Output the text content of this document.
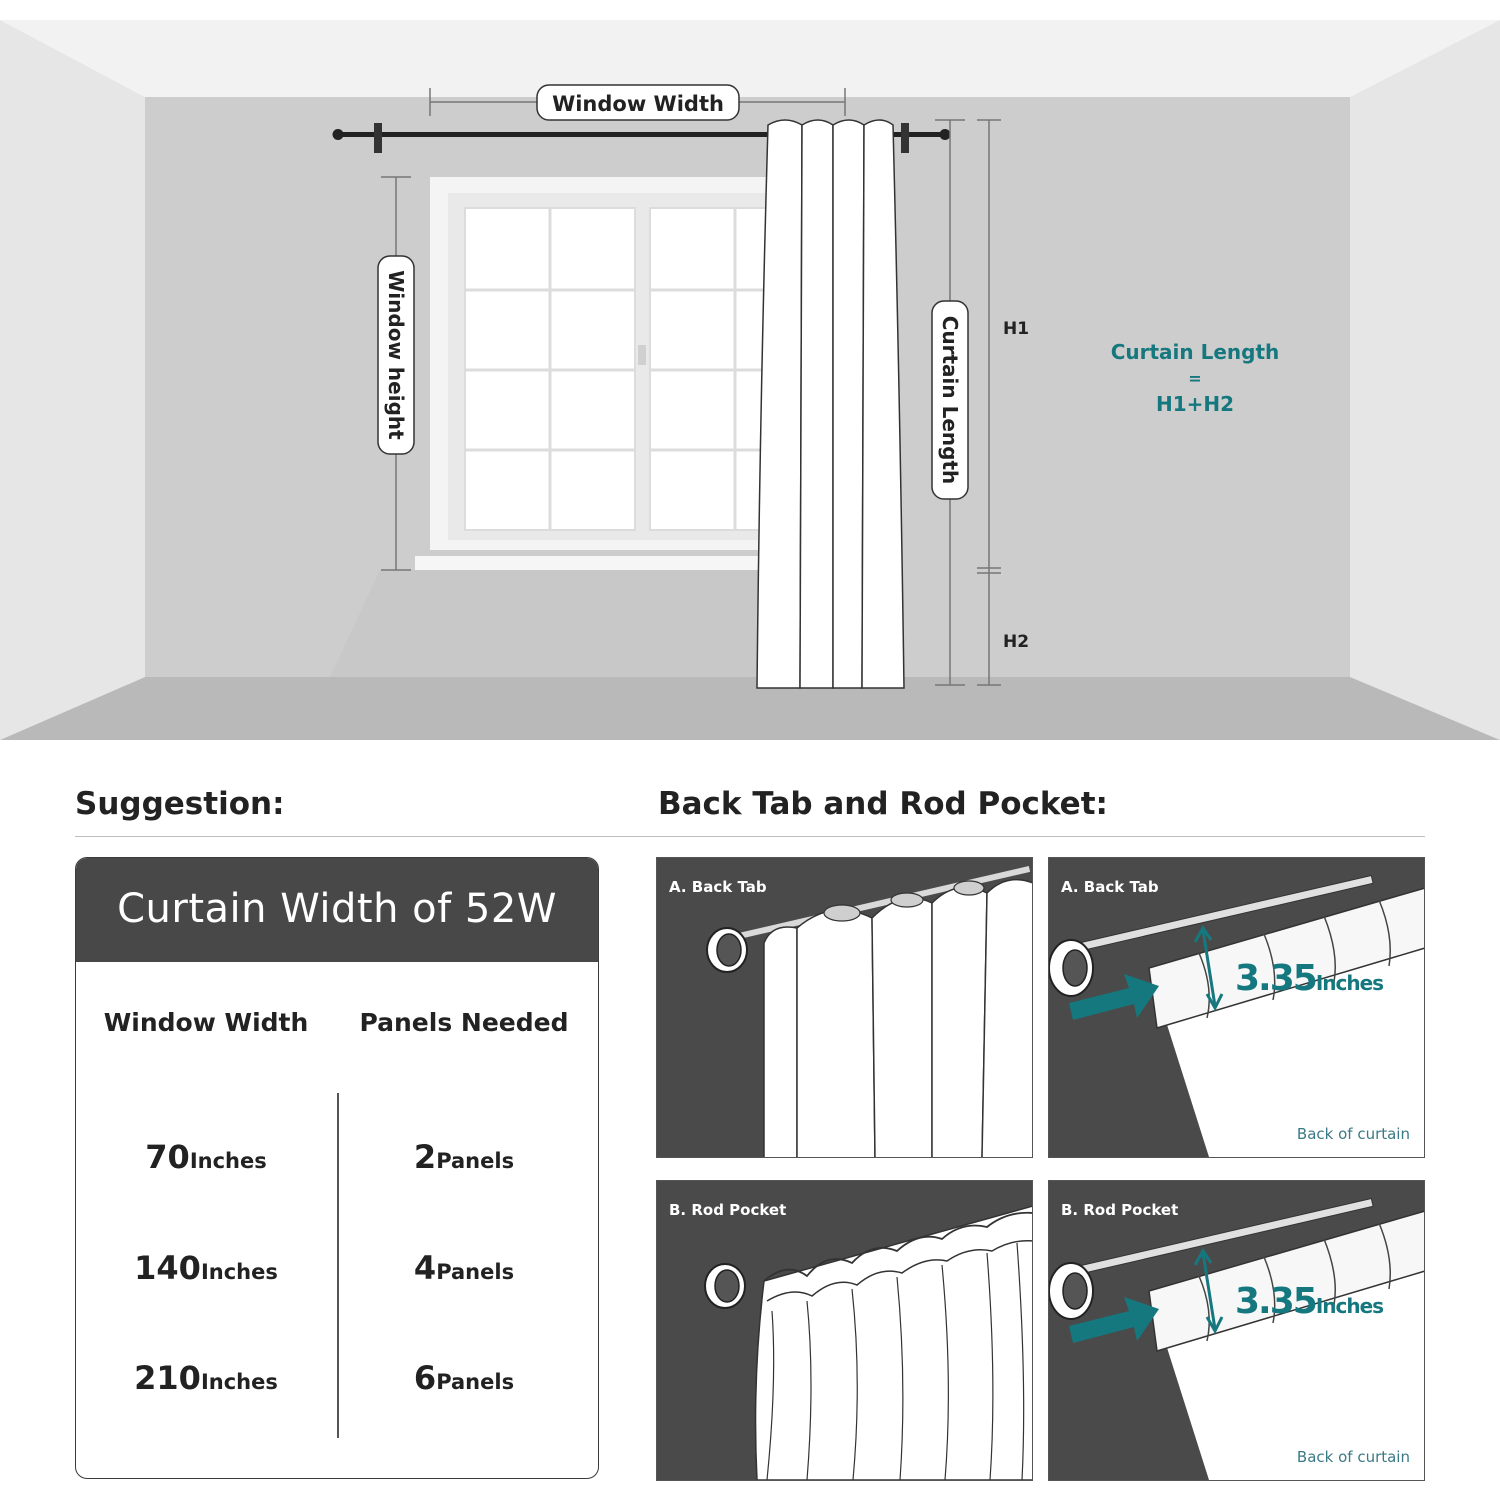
Window Width
Window height	Curtain Length H1
H2
Curtain Length
=
H1+H2
Suggestion:	Back Tab and Rod Pocket:
Curtain Width of 52W
Window Width	Panels Needed
70Inches	2Panels
140Inches	4Panels
210Inches	6Panels
A. Back Tab	A. Back Tab
3.35Inches
Back of curtain
B. Rod Pocket	B. Rod Pocket
3.35Inches
Back of curtain
